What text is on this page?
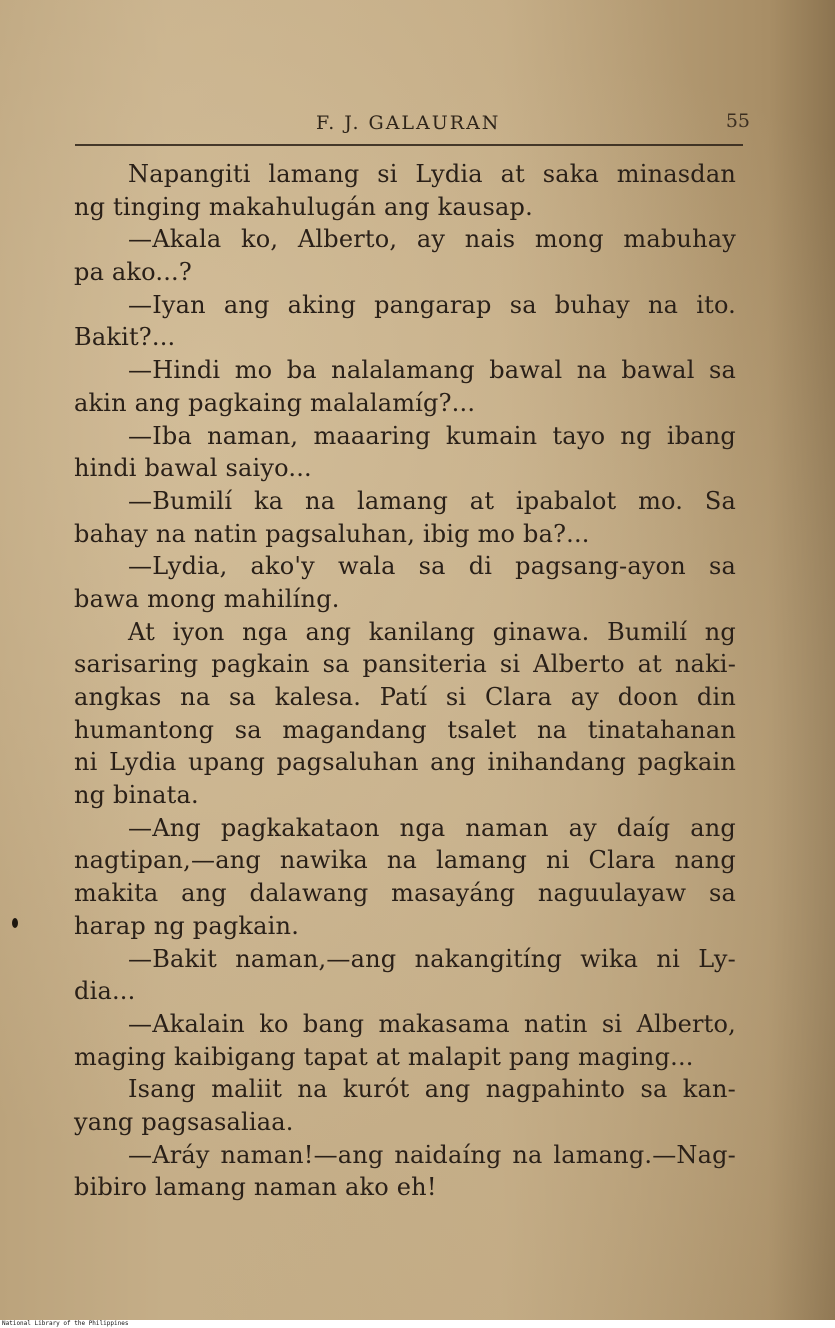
F. J. GALAURAN	55
Napangiti lamang si Lydia at saka minasdan
ng tinging makahulugán ang kausap.
—Akala ko, Alberto, ay nais mong mabuhay
pa ako...?
—Iyan ang aking pangarap sa buhay na ito.
Bakit?...
—Hindi mo ba nalalamang bawal na bawal sa
akin ang pagkaing malalamíg?...
—Iba naman, maaaring kumain tayo ng ibang
hindi bawal saiyo...
—Bumilí ka na lamang at ipabalot mo. Sa
bahay na natin pagsaluhan, ibig mo ba?...
—Lydia, ako'y wala sa di pagsang-ayon sa
bawa mong mahilíng.
At iyon nga ang kanilang ginawa. Bumilí ng
sarisaring pagkain sa pansiteria si Alberto at naki-
angkas na sa kalesa. Patí si Clara ay doon din
humantong sa magandang tsalet na tinatahanan
ni Lydia upang pagsaluhan ang inihandang pagkain
ng binata.
—Ang pagkakataon nga naman ay daíg ang
nagtipan,—ang nawika na lamang ni Clara nang
makita ang dalawang masayáng naguulayaw sa
harap ng pagkain.
—Bakit naman,—ang nakangitíng wika ni Ly-
dia...
—Akalain ko bang makasama natin si Alberto,
maging kaibigang tapat at malapit pang maging...
Isang maliit na kurót ang nagpahinto sa kan-
yang pagsasaliaa.
—Aráy naman!—ang naidaíng na lamang.—Nag-
bibiro lamang naman ako eh!
National Library of the Philippines
